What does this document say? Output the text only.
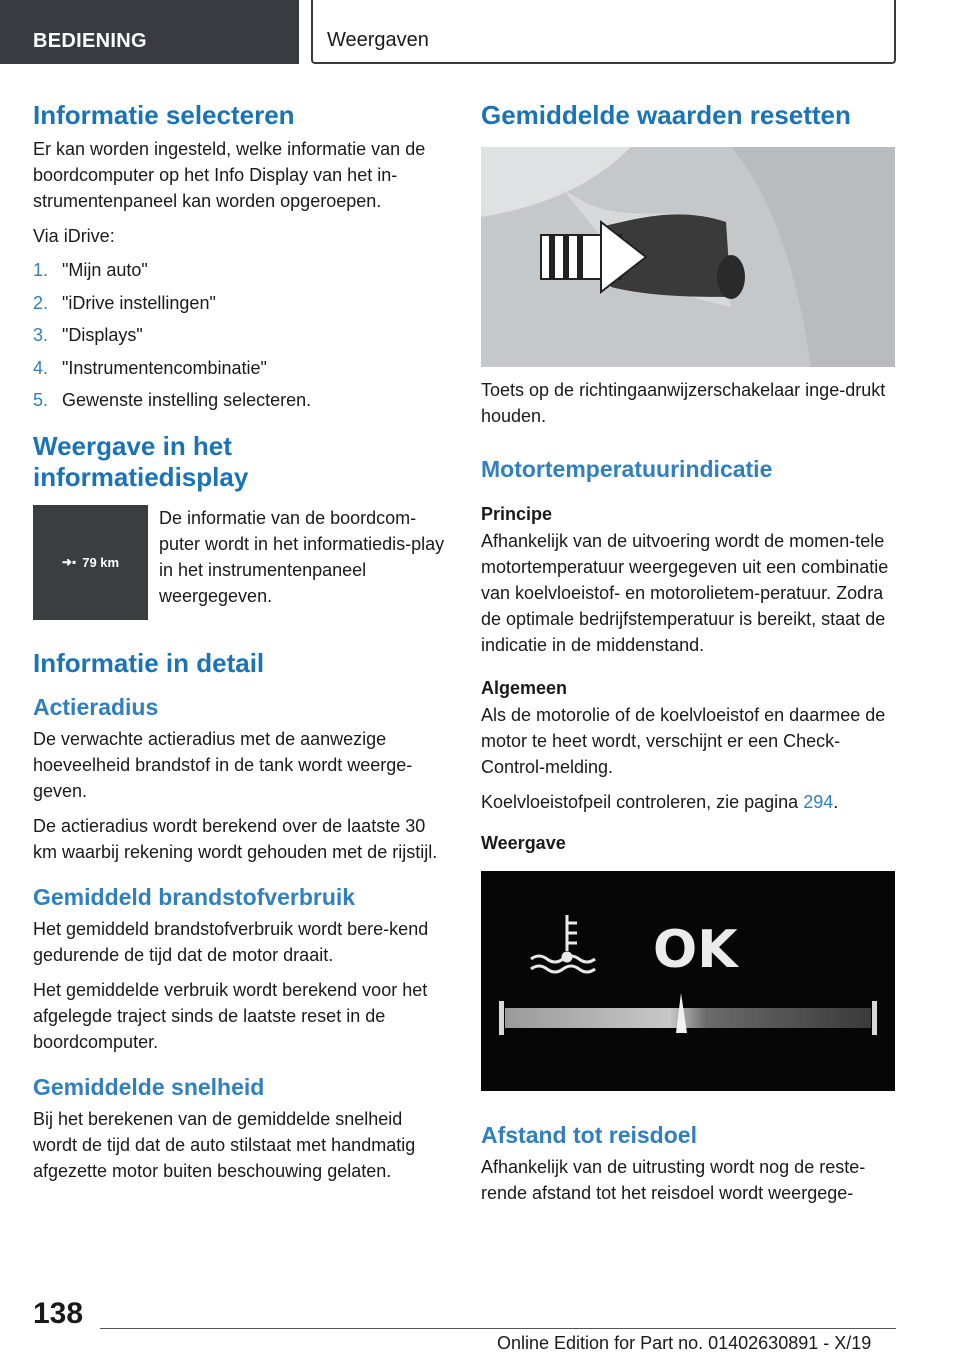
BEDIENING	Weergaven
Informatie selecteren

Er kan worden ingesteld, welke informatie van de boordcomputer op het Info Display van het in-strumentenpaneel kan worden opgeroepen.

Via iDrive:

1. "Mijn auto"
2. "iDrive instellingen"
3. "Displays"
4. "Instrumentencombinatie"
5. Gewenste instelling selecteren.
Weergave in het
informatiedisplay
➜▪ 79 km

De informatie van de boordcom-puter wordt in het informatiedis-play in het instrumentenpaneel weergegeven.

Informatie in detail
Actieradius

De verwachte actieradius met de aanwezige hoeveelheid brandstof in de tank wordt weerge-geven.

De actieradius wordt berekend over de laatste 30 km waarbij rekening wordt gehouden met de rijstijl.

Gemiddeld brandstofverbruik

Het gemiddeld brandstofverbruik wordt bere-kend gedurende de tijd dat de motor draait.

Het gemiddelde verbruik wordt berekend voor het afgelegde traject sinds de laatste reset in de boordcomputer.

Gemiddelde snelheid

Bij het berekenen van de gemiddelde snelheid wordt de tijd dat de auto stilstaat met handmatig afgezette motor buiten beschouwing gelaten.

Gemiddelde waarden resetten

Toets op de richtingaanwijzerschakelaar inge-drukt houden.

Motortemperatuurindicatie
Principe

Afhankelijk van de uitvoering wordt de momen-tele motortemperatuur weergegeven uit een combinatie van koelvloeistof- en motorolietem-peratuur. Zodra de optimale bedrijfstemperatuur is bereikt, staat de indicatie in de middenstand.

Algemeen

Als de motorolie of de koelvloeistof en daarmee de motor te heet wordt, verschijnt er een Check-Control-melding.

Koelvloeistofpeil controleren, zie pagina 294.

Weergave
OK
Afstand tot reisdoel

Afhankelijk van de uitrusting wordt nog de reste-rende afstand tot het reisdoel wordt weergege-

138
Online Edition for Part no. 01402630891 - X/19
